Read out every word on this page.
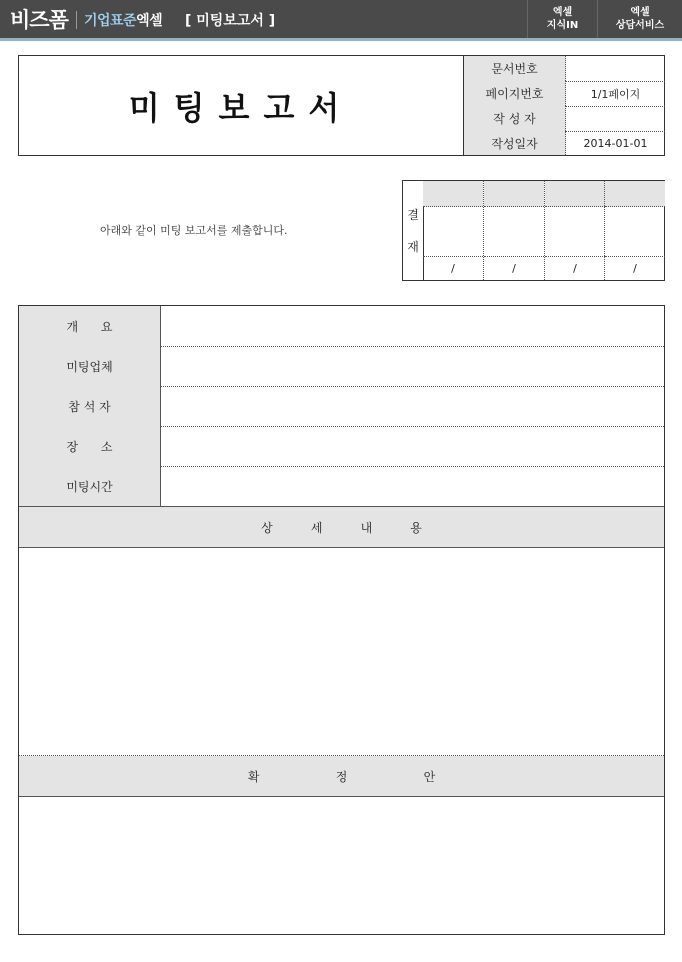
비즈폼 기업표준엑셀 [ 미팅보고서 ]
엑셀
지식IN
엑셀
상담서비스
미팅보고서
문서번호
페이지번호	1/1페이지
작 성 자
작성일자	2014-01-01
아래와 같이 미팅 보고서를 제출합니다.
결
재
/	/	/	/
개      요
미팅업체
참 석 자
장      소
미팅시간
상          세          내          용
확                    정                    안
